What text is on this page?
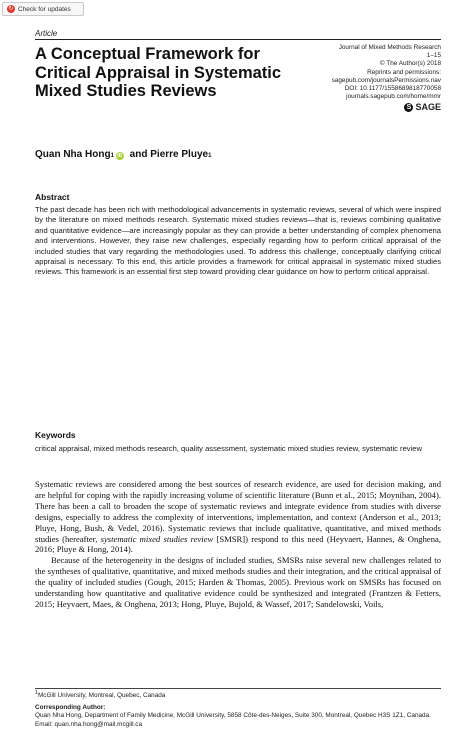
↻ Check for updates
Article
A Conceptual Framework for Critical Appraisal in Systematic Mixed Studies Reviews
Journal of Mixed Methods Research
1–15
© The Author(s) 2018
Reprints and permissions:
sagepub.com/journalsPermissions.nav
DOI: 10.1177/1558689818770058
journals.sagepub.com/home/mmr
S SAGE
Quan Nha Hong 1 iD and Pierre Pluye 1
Abstract
The past decade has been rich with methodological advancements in systematic reviews, several of which were inspired by the literature on mixed methods research. Systematic mixed studies reviews—that is, reviews combining qualitative and quantitative evidence—are increasingly popular as they can provide a better understanding of complex phenomena and interventions. However, they raise new challenges, especially regarding how to perform critical appraisal of the included studies that vary regarding the methodologies used. To address this challenge, conceptually clarifying critical appraisal is necessary. To this end, this article provides a framework for critical appraisal in systematic mixed studies reviews. This framework is an essential first step toward providing clear guidance on how to perform critical appraisal.
Keywords
critical appraisal, mixed methods research, quality assessment, systematic mixed studies review, systematic review

Systematic reviews are considered among the best sources of research evidence, are used for decision making, and are helpful for coping with the rapidly increasing volume of scientific literature (Bunn et al., 2015; Moynihan, 2004). There has been a call to broaden the scope of systematic reviews and integrate evidence from studies with diverse designs, especially to address the complexity of interventions, implementation, and context (Anderson et al., 2013; Pluye, Hong, Bush, & Vedel, 2016). Systematic reviews that include qualitative, quantitative, and mixed methods studies (hereafter, systematic mixed studies review [SMSR]) respond to this need (Heyvaert, Hannes, & Onghena, 2016; Pluye & Hong, 2014).

Because of the heterogeneity in the designs of included studies, SMSRs raise several new challenges related to the syntheses of qualitative, quantitative, and mixed methods studies and their integration, and the critical appraisal of the quality of included studies (Gough, 2015; Harden & Thomas, 2005). Previous work on SMSRs has focused on understanding how quantitative and qualitative evidence could be synthesized and integrated (Frantzen & Fetters, 2015; Heyvaert, Maes, & Onghena, 2013; Hong, Pluye, Bujold, & Wassef, 2017; Sandelowski, Voils,

$^1$McGill University, Montreal, Quebec, Canada
Corresponding Author:
Quan Nha Hong, Department of Family Medicine, McGill University, 5858 Côte-des-Neiges, Suite 300, Montreal, Quebec H3S 1Z1, Canada.
Email: quan.nha.hong@mail.mcgill.ca
